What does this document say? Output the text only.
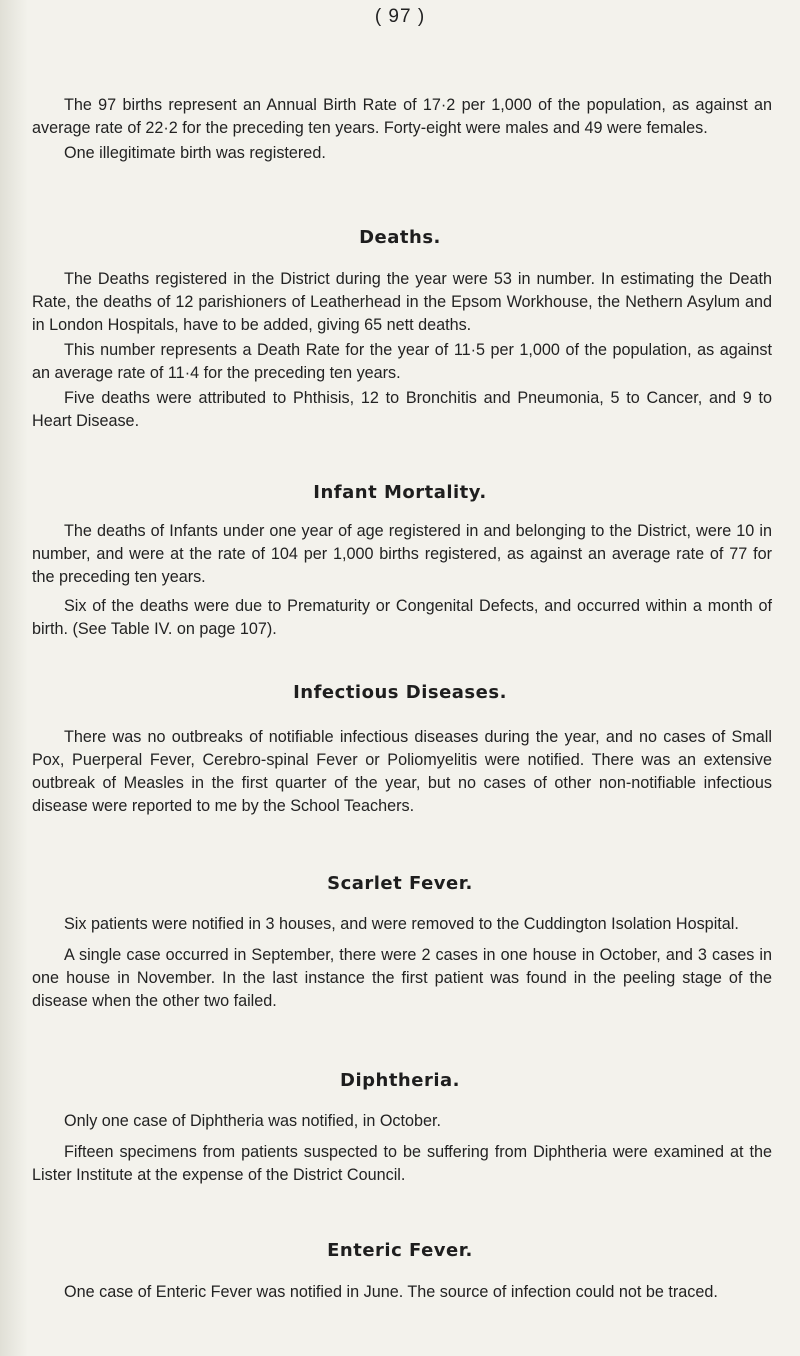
( 97 )

The 97 births represent an Annual Birth Rate of 17·2 per 1,000 of the population, as against an average rate of 22·2 for the preceding ten years. Forty-eight were males and 49 were females.

One illegitimate birth was registered.

Deaths.

The Deaths registered in the District during the year were 53 in number. In estimating the Death Rate, the deaths of 12 parishioners of Leatherhead in the Epsom Workhouse, the Nethern Asylum and in London Hospitals, have to be added, giving 65 nett deaths.

This number represents a Death Rate for the year of 11·5 per 1,000 of the population, as against an average rate of 11·4 for the preceding ten years.

Five deaths were attributed to Phthisis, 12 to Bronchitis and Pneumonia, 5 to Cancer, and 9 to Heart Disease.

Infant Mortality.

The deaths of Infants under one year of age registered in and belonging to the District, were 10 in number, and were at the rate of 104 per 1,000 births registered, as against an average rate of 77 for the preceding ten years.

Six of the deaths were due to Prematurity or Congenital Defects, and occurred within a month of birth. (See Table IV. on page 107).

Infectious Diseases.

There was no outbreaks of notifiable infectious diseases during the year, and no cases of Small Pox, Puerperal Fever, Cerebro-spinal Fever or Poliomyelitis were notified. There was an extensive outbreak of Measles in the first quarter of the year, but no cases of other non-notifiable infectious disease were reported to me by the School Teachers.

Scarlet Fever.

Six patients were notified in 3 houses, and were removed to the Cuddington Isolation Hospital.

A single case occurred in September, there were 2 cases in one house in October, and 3 cases in one house in November. In the last instance the first patient was found in the peeling stage of the disease when the other two failed.

Diphtheria.

Only one case of Diphtheria was notified, in October.

Fifteen specimens from patients suspected to be suffering from Diphtheria were examined at the Lister Institute at the expense of the District Council.

Enteric Fever.

One case of Enteric Fever was notified in June. The source of infection could not be traced.
